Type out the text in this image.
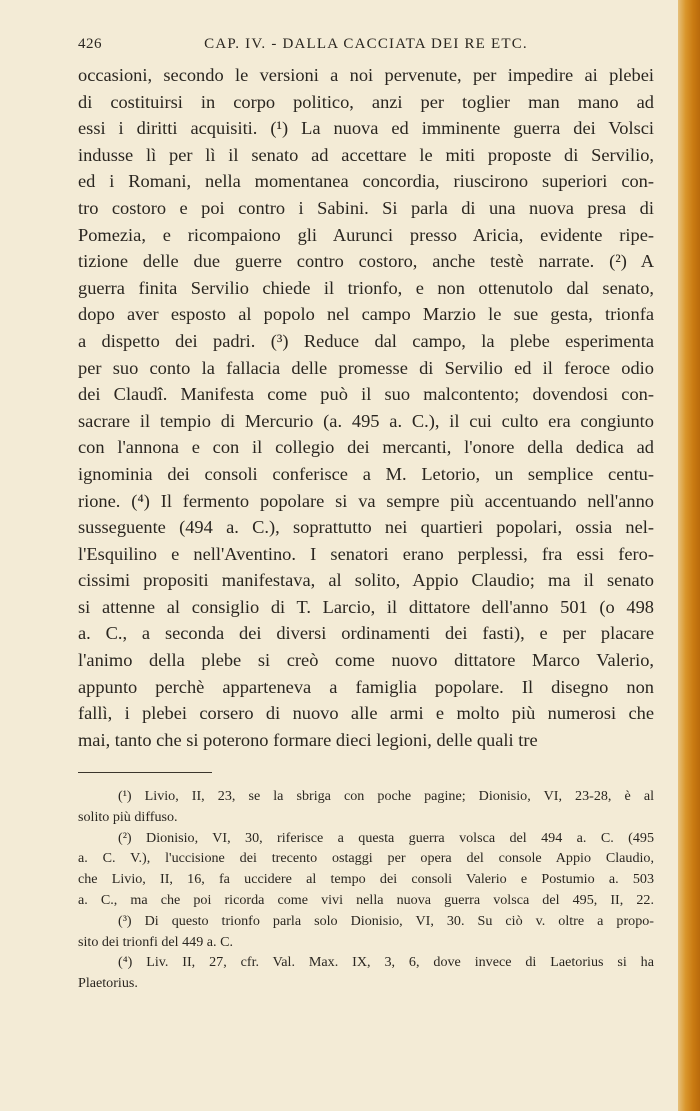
426	CAP. IV. - DALLA CACCIATA DEI RE ETC.
occasioni, secondo le versioni a noi pervenute, per impedire ai plebei
di costituirsi in corpo politico, anzi per toglier man mano ad
essi i diritti acquisiti. (¹) La nuova ed imminente guerra dei Volsci
indusse lì per lì il senato ad accettare le miti proposte di Servilio,
ed i Romani, nella momentanea concordia, riuscirono superiori con-
tro costoro e poi contro i Sabini. Si parla di una nuova presa di
Pomezia, e ricompaiono gli Aurunci presso Aricia, evidente ripe-
tizione delle due guerre contro costoro, anche testè narrate. (²) A
guerra finita Servilio chiede il trionfo, e non ottenutolo dal senato,
dopo aver esposto al popolo nel campo Marzio le sue gesta, trionfa
a dispetto dei padri. (³) Reduce dal campo, la plebe esperimenta
per suo conto la fallacia delle promesse di Servilio ed il feroce odio
dei Claudî. Manifesta come può il suo malcontento; dovendosi con-
sacrare il tempio di Mercurio (a. 495 a. C.), il cui culto era congiunto
con l'annona e con il collegio dei mercanti, l'onore della dedica ad
ignominia dei consoli conferisce a M. Letorio, un semplice centu-
rione. (⁴) Il fermento popolare si va sempre più accentuando nell'anno
susseguente (494 a. C.), soprattutto nei quartieri popolari, ossia nel-
l'Esquilino e nell'Aventino. I senatori erano perplessi, fra essi fero-
cissimi propositi manifestava, al solito, Appio Claudio; ma il senato
si attenne al consiglio di T. Larcio, il dittatore dell'anno 501 (o 498
a. C., a seconda dei diversi ordinamenti dei fasti), e per placare
l'animo della plebe si creò come nuovo dittatore Marco Valerio,
appunto perchè apparteneva a famiglia popolare. Il disegno non
fallì, i plebei corsero di nuovo alle armi e molto più numerosi che
mai, tanto che si poterono formare dieci legioni, delle quali tre
(¹) Livio, II, 23, se la sbriga con poche pagine; Dionisio, VI, 23-28, è al
solito più diffuso.
(²) Dionisio, VI, 30, riferisce a questa guerra volsca del 494 a. C. (495
a. C. V.), l'uccisione dei trecento ostaggi per opera del console Appio Claudio,
che Livio, II, 16, fa uccidere al tempo dei consoli Valerio e Postumio a. 503
a. C., ma che poi ricorda come vivi nella nuova guerra volsca del 495, II, 22.
(³) Di questo trionfo parla solo Dionisio, VI, 30. Su ciò v. oltre a propo-
sito dei trionfi del 449 a. C.
(⁴) Liv. II, 27, cfr. Val. Max. IX, 3, 6, dove invece di Laetorius si ha
Plaetorius.
